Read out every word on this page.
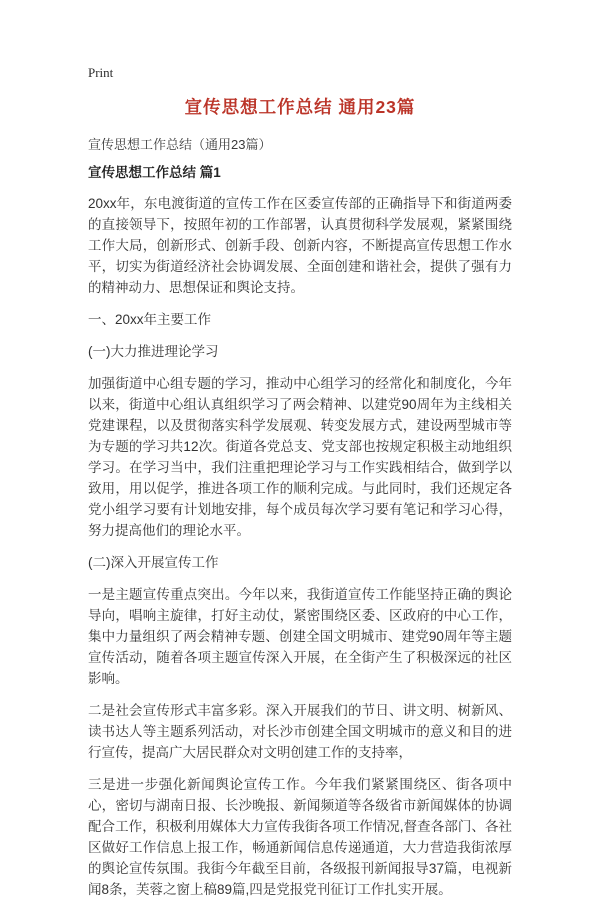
Print
宣传思想工作总结 通用23篇
宣传思想工作总结（通用23篇）
宣传思想工作总结 篇1
20xx年，东电渡街道的宣传工作在区委宣传部的正确指导下和街道两委的直接领导下，按照年初的工作部署，认真贯彻科学发展观，紧紧围绕工作大局，创新形式、创新手段、创新内容，不断提高宣传思想工作水平，切实为街道经济社会协调发展、全面创建和谐社会，提供了强有力的精神动力、思想保证和舆论支持。
一、20xx年主要工作
(一)大力推进理论学习
加强街道中心组专题的学习，推动中心组学习的经常化和制度化，今年以来，街道中心组认真组织学习了两会精神、以建党90周年为主线相关党建课程，以及贯彻落实科学发展观、转变发展方式，建设两型城市等为专题的学习共12次。街道各党总支、党支部也按规定积极主动地组织学习。在学习当中，我们注重把理论学习与工作实践相结合，做到学以致用，用以促学，推进各项工作的顺利完成。与此同时，我们还规定各党小组学习要有计划地安排，每个成员每次学习要有笔记和学习心得，努力提高他们的理论水平。
(二)深入开展宣传工作
一是主题宣传重点突出。今年以来，我街道宣传工作能坚持正确的舆论导向，唱响主旋律，打好主动仗，紧密围绕区委、区政府的中心工作，集中力量组织了两会精神专题、创建全国文明城市、建党90周年等主题宣传活动，随着各项主题宣传深入开展，在全街产生了积极深远的社区影响。
二是社会宣传形式丰富多彩。深入开展我们的节日、讲文明、树新风、读书达人等主题系列活动，对长沙市创建全国文明城市的意义和目的进行宣传，提高广大居民群众对文明创建工作的支持率，
三是进一步强化新闻舆论宣传工作。今年我们紧紧围绕区、街各项中心，密切与湖南日报、长沙晚报、新闻频道等各级省市新闻媒体的协调配合工作，积极利用媒体大力宣传我街各项工作情况,督查各部门、各社区做好工作信息上报工作，畅通新闻信息传递通道，大力营造我街浓厚的舆论宣传氛围。我街今年截至目前，各级报刊新闻报导37篇，电视新闻8条，芙蓉之窗上稿89篇,四是党报党刊征订工作扎实开展。
